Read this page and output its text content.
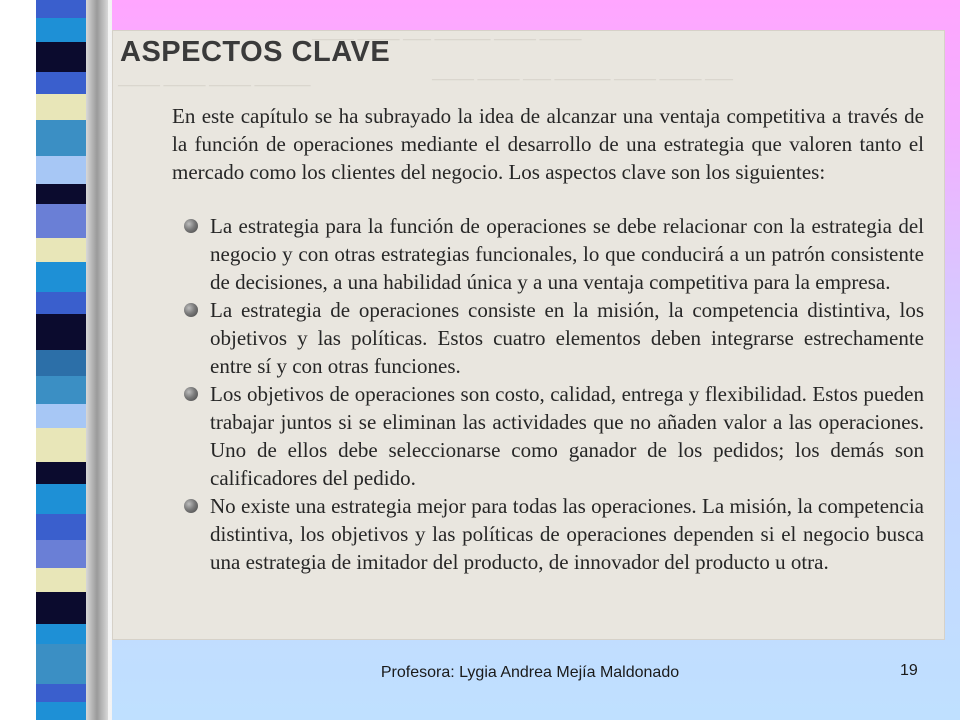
——— ——— —— ———— ——— ———
——— ——— —— ———— ——— ——— ——
——— ——— ——— ————
ASPECTOS CLAVE

En este capítulo se ha subrayado la idea de alcanzar una ventaja competitiva a través de la función de operaciones mediante el desarrollo de una estrategia que valoren tanto el mercado como los clientes del negocio. Los aspectos clave son los siguientes:

La estrategia para la función de operaciones se debe relacionar con la estrategia del negocio y con otras estrategias funcionales, lo que conducirá a un patrón consistente de decisiones, a una habilidad única y a una ventaja competitiva para la empresa.
La estrategia de operaciones consiste en la misión, la competencia distintiva, los objetivos y las políticas. Estos cuatro elementos deben integrarse estrechamente entre sí y con otras funciones.
Los objetivos de operaciones son costo, calidad, entrega y flexibilidad. Estos pueden trabajar juntos si se eliminan las actividades que no añaden valor a las operaciones. Uno de ellos debe seleccionarse como ganador de los pedidos; los demás son calificadores del pedido.
No existe una estrategia mejor para todas las operaciones. La misión, la competencia distintiva, los objetivos y las políticas de operaciones dependen si el negocio busca una estrategia de imitador del producto, de innovador del producto u otra.
Profesora: Lygia Andrea Mejía Maldonado	19
